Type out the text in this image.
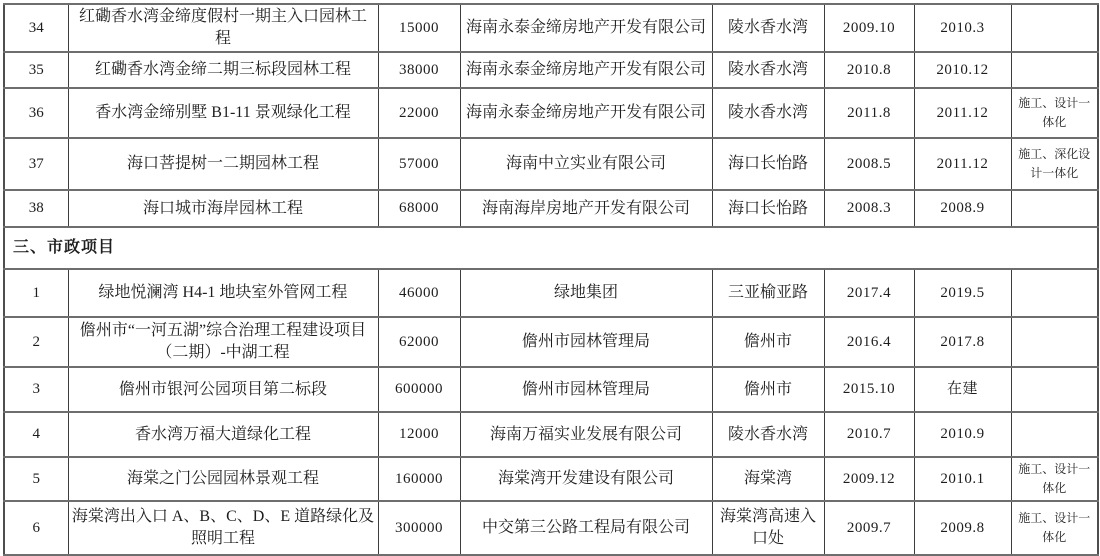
34	红磡香水湾金缔度假村一期主入口园林工程	15000	海南永泰金缔房地产开发有限公司	陵水香水湾	2009.10	2010.3	
35	红磡香水湾金缔二期三标段园林工程	38000	海南永泰金缔房地产开发有限公司	陵水香水湾	2010.8	2010.12	
36	香水湾金缔别墅 B1-11 景观绿化工程	22000	海南永泰金缔房地产开发有限公司	陵水香水湾	2011.8	2011.12	施工、设计一体化
37	海口菩提树一二期园林工程	57000	海南中立实业有限公司	海口长怡路	2008.5	2011.12	施工、深化设计一体化
38	海口城市海岸园林工程	68000	海南海岸房地产开发有限公司	海口长怡路	2008.3	2008.9	
三、市政项目							
1	绿地悦澜湾 H4-1 地块室外管网工程	46000	绿地集团	三亚榆亚路	2017.4	2019.5	
2	儋州市“一河五湖”综合治理工程建设项目（二期）-中湖工程	62000	儋州市园林管理局	儋州市	2016.4	2017.8	
3	儋州市银河公园项目第二标段	600000	儋州市园林管理局	儋州市	2015.10	在建	
4	香水湾万福大道绿化工程	12000	海南万福实业发展有限公司	陵水香水湾	2010.7	2010.9	
5	海棠之门公园园林景观工程	160000	海棠湾开发建设有限公司	海棠湾	2009.12	2010.1	施工、设计一体化
6	海棠湾出入口 A、B、C、D、E 道路绿化及照明工程	300000	中交第三公路工程局有限公司	海棠湾高速入口处	2009.7	2009.8	施工、设计一体化
